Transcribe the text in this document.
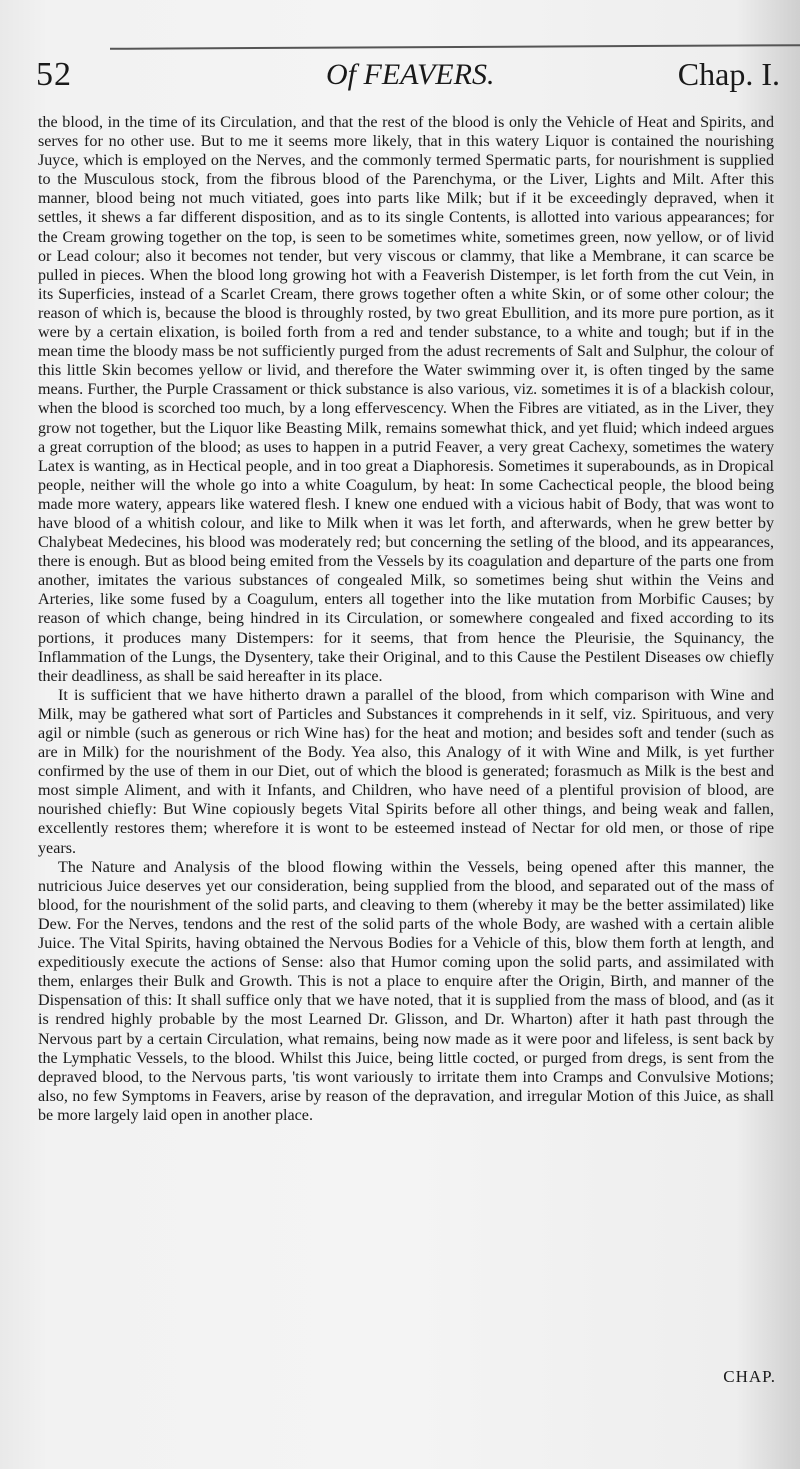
52	Of FEAVERS.	Chap. I.

the blood, in the time of its Circulation, and that the rest of the blood is only the Vehicle of Heat and Spirits, and serves for no other use. But to me it seems more likely, that in this watery Liquor is contained the nourishing Juyce, which is employed on the Nerves, and the commonly termed Spermatic parts, for nourishment is supplied to the Musculous stock, from the fibrous blood of the Parenchyma, or the Liver, Lights and Milt. After this manner, blood being not much vitiated, goes into parts like Milk; but if it be exceedingly depraved, when it settles, it shews a far different disposition, and as to its single Contents, is allotted into various appearances; for the Cream growing together on the top, is seen to be sometimes white, sometimes green, now yellow, or of livid or Lead colour; also it becomes not tender, but very viscous or clammy, that like a Membrane, it can scarce be pulled in pieces. When the blood long growing hot with a Feaverish Distemper, is let forth from the cut Vein, in its Superficies, instead of a Scarlet Cream, there grows together often a white Skin, or of some other colour; the reason of which is, because the blood is throughly rosted, by two great Ebullition, and its more pure portion, as it were by a certain elixation, is boiled forth from a red and tender substance, to a white and tough; but if in the mean time the bloody mass be not sufficiently purged from the adust recrements of Salt and Sulphur, the colour of this little Skin becomes yellow or livid, and therefore the Water swimming over it, is often tinged by the same means. Further, the Purple Crassament or thick substance is also various, viz. sometimes it is of a blackish colour, when the blood is scorched too much, by a long effervescency. When the Fibres are vitiated, as in the Liver, they grow not together, but the Liquor like Beasting Milk, remains somewhat thick, and yet fluid; which indeed argues a great corruption of the blood; as uses to happen in a putrid Feaver, a very great Cachexy, sometimes the watery Latex is wanting, as in Hectical people, and in too great a Diaphoresis. Sometimes it superabounds, as in Dropical people, neither will the whole go into a white Coagulum, by heat: In some Cachectical people, the blood being made more watery, appears like watered flesh. I knew one endued with a vicious habit of Body, that was wont to have blood of a whitish colour, and like to Milk when it was let forth, and afterwards, when he grew better by Chalybeat Medecines, his blood was moderately red; but concerning the setling of the blood, and its appearances, there is enough. But as blood being emited from the Vessels by its coagulation and departure of the parts one from another, imitates the various substances of congealed Milk, so sometimes being shut within the Veins and Arteries, like some fused by a Coagulum, enters all together into the like mutation from Morbific Causes; by reason of which change, being hindred in its Circulation, or somewhere congealed and fixed according to its portions, it produces many Distempers: for it seems, that from hence the Pleurisie, the Squinancy, the Inflammation of the Lungs, the Dysentery, take their Original, and to this Cause the Pestilent Diseases ow chiefly their deadliness, as shall be said hereafter in its place.

It is sufficient that we have hitherto drawn a parallel of the blood, from which comparison with Wine and Milk, may be gathered what sort of Particles and Substances it comprehends in it self, viz. Spirituous, and very agil or nimble (such as generous or rich Wine has) for the heat and motion; and besides soft and tender (such as are in Milk) for the nourishment of the Body. Yea also, this Analogy of it with Wine and Milk, is yet further confirmed by the use of them in our Diet, out of which the blood is generated; forasmuch as Milk is the best and most simple Aliment, and with it Infants, and Children, who have need of a plentiful provision of blood, are nourished chiefly: But Wine copiously begets Vital Spirits before all other things, and being weak and fallen, excellently restores them; wherefore it is wont to be esteemed instead of Nectar for old men, or those of ripe years.

The Nature and Analysis of the blood flowing within the Vessels, being opened after this manner, the nutricious Juice deserves yet our consideration, being supplied from the blood, and separated out of the mass of blood, for the nourishment of the solid parts, and cleaving to them (whereby it may be the better assimilated) like Dew. For the Nerves, tendons and the rest of the solid parts of the whole Body, are washed with a certain alible Juice. The Vital Spirits, having obtained the Nervous Bodies for a Vehicle of this, blow them forth at length, and expeditiously execute the actions of Sense: also that Humor coming upon the solid parts, and assimilated with them, enlarges their Bulk and Growth. This is not a place to enquire after the Origin, Birth, and manner of the Dispensation of this: It shall suffice only that we have noted, that it is supplied from the mass of blood, and (as it is rendred highly probable by the most Learned Dr. Glisson, and Dr. Wharton) after it hath past through the Nervous part by a certain Circulation, what remains, being now made as it were poor and lifeless, is sent back by the Lymphatic Vessels, to the blood. Whilst this Juice, being little cocted, or purged from dregs, is sent from the depraved blood, to the Nervous parts, 'tis wont variously to irritate them into Cramps and Convulsive Motions; also, no few Symptoms in Feavers, arise by reason of the depravation, and irregular Motion of this Juice, as shall be more largely laid open in another place.

CHAP.
